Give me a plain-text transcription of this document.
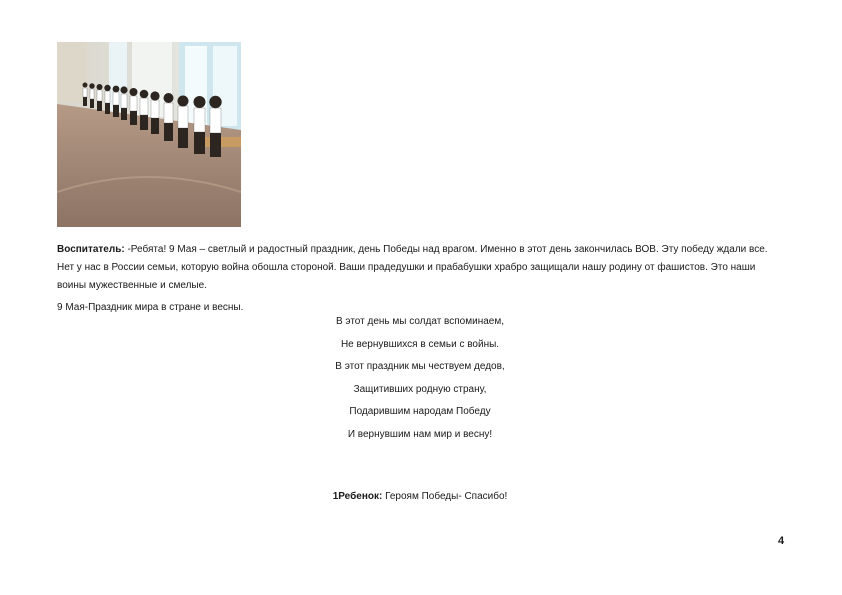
Воспитатель: -Ребята! 9 Мая – светлый и радостный праздник, день Победы над врагом. Именно в этот день закончилась ВОВ. Эту победу ждали все. Нет у нас в России семьи, которую война обошла стороной. Ваши прадедушки и прабабушки храбро защищали нашу родину от фашистов. Это наши воины мужественные и смелые.

9 Мая-Праздник мира в стране и весны.

В этот день мы солдат вспоминаем,

Не вернувшихся в семьи с войны.

В этот праздник мы чествуем дедов,

Защитивших родную страну,

Подарившим народам Победу

И вернувшим нам мир и весну!

1Ребенок: Героям Победы- Спасибо!
4
